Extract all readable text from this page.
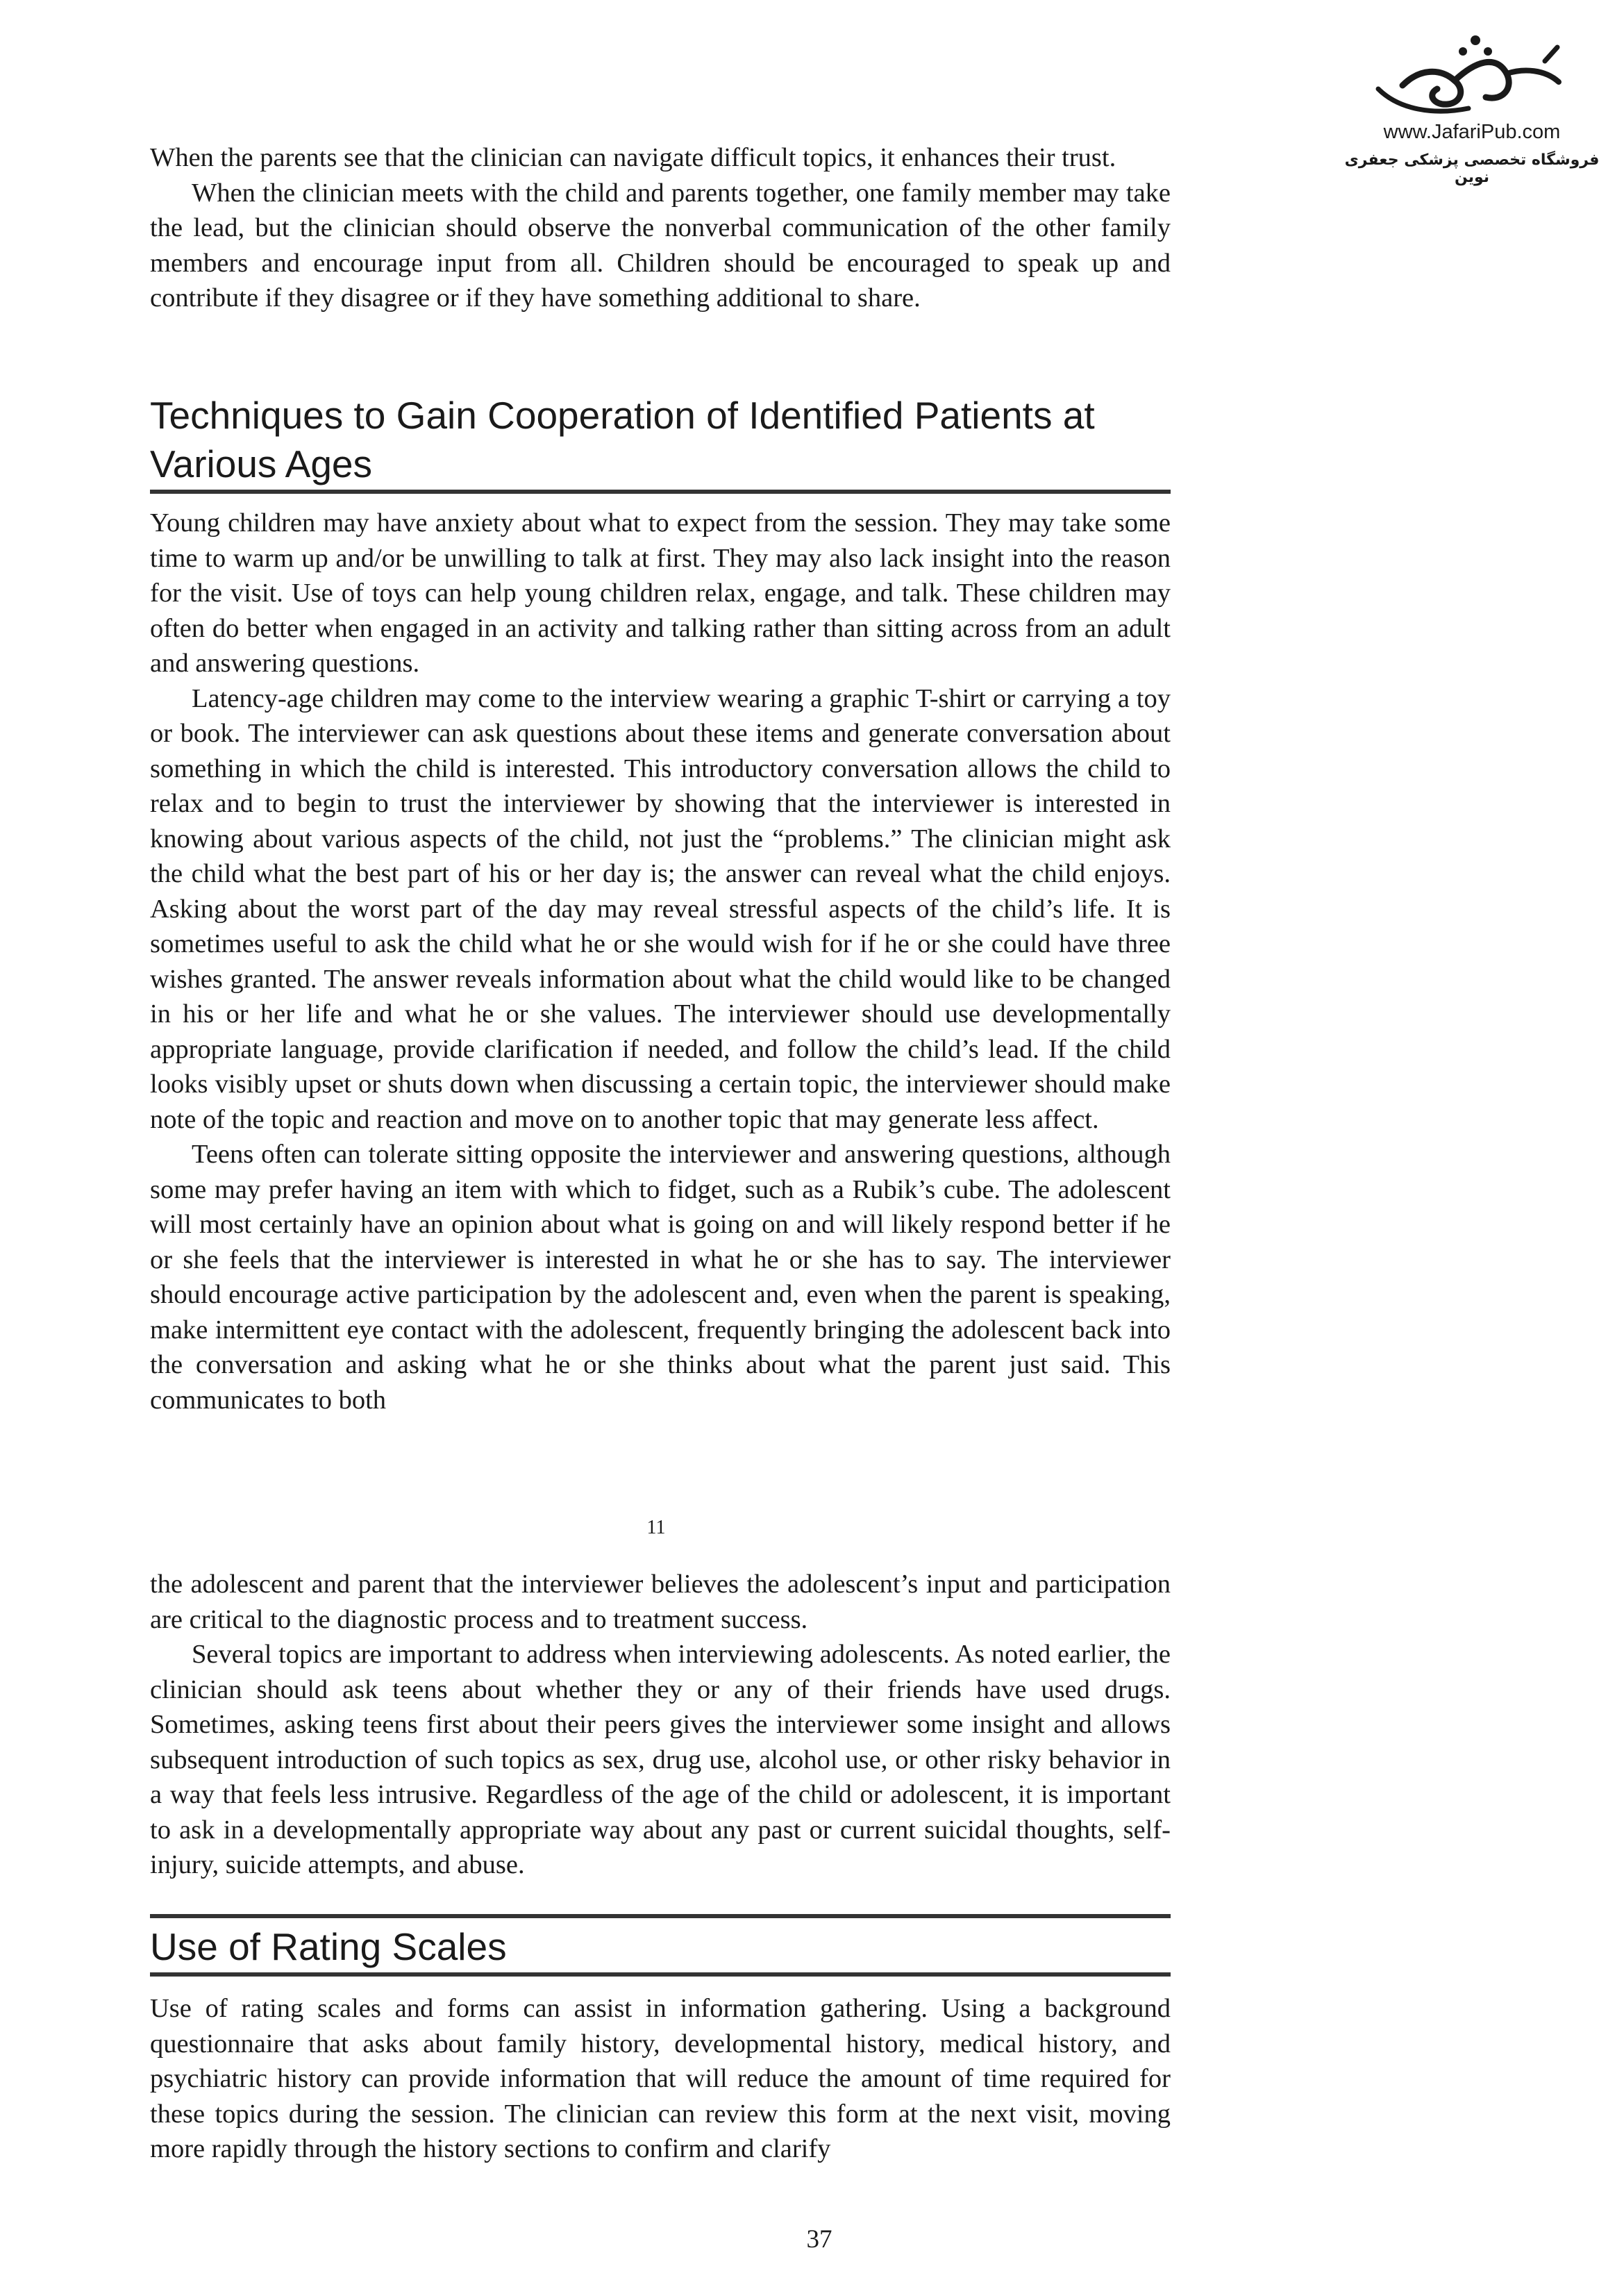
www.JafariPub.com
فروشگاه تخصصی پزشکی جعفری نوین

When the parents see that the clinician can navigate difficult topics, it enhances their trust.

When the clinician meets with the child and parents together, one family member may take the lead, but the clinician should observe the nonverbal communication of the other family members and encourage input from all. Children should be encouraged to speak up and contribute if they disagree or if they have something additional to share.

Techniques to Gain Cooperation of Identified Patients at Various Ages

Young children may have anxiety about what to expect from the session. They may take some time to warm up and/or be unwilling to talk at first. They may also lack insight into the reason for the visit. Use of toys can help young children relax, engage, and talk. These children may often do better when engaged in an activity and talking rather than sitting across from an adult and answering questions.

Latency-age children may come to the interview wearing a graphic T-shirt or carrying a toy or book. The interviewer can ask questions about these items and generate conversation about something in which the child is interested. This introductory conversation allows the child to relax and to begin to trust the interviewer by showing that the interviewer is interested in knowing about various aspects of the child, not just the “problems.” The clinician might ask the child what the best part of his or her day is; the answer can reveal what the child enjoys. Asking about the worst part of the day may reveal stressful aspects of the child’s life. It is sometimes useful to ask the child what he or she would wish for if he or she could have three wishes granted. The answer reveals information about what the child would like to be changed in his or her life and what he or she values. The interviewer should use developmentally appropriate language, provide clarification if needed, and follow the child’s lead. If the child looks visibly upset or shuts down when discussing a certain topic, the interviewer should make note of the topic and reaction and move on to another topic that may generate less affect.

Teens often can tolerate sitting opposite the interviewer and answering questions, although some may prefer having an item with which to fidget, such as a Rubik’s cube. The adolescent will most certainly have an opinion about what is going on and will likely respond better if he or she feels that the interviewer is interested in what he or she has to say. The interviewer should encourage active participation by the adolescent and, even when the parent is speaking, make intermittent eye contact with the adolescent, frequently bringing the adolescent back into the conversation and asking what he or she thinks about what the parent just said. This communicates to both

11

the adolescent and parent that the interviewer believes the adolescent’s input and participation are critical to the diagnostic process and to treatment success.

Several topics are important to address when interviewing adolescents. As noted earlier, the clinician should ask teens about whether they or any of their friends have used drugs. Sometimes, asking teens first about their peers gives the interviewer some insight and allows subsequent introduction of such topics as sex, drug use, alcohol use, or other risky behavior in a way that feels less intrusive. Regardless of the age of the child or adolescent, it is important to ask in a developmentally appropriate way about any past or current suicidal thoughts, self-injury, suicide attempts, and abuse.

Use of Rating Scales

Use of rating scales and forms can assist in information gathering. Using a background questionnaire that asks about family history, developmental history, medical history, and psychiatric history can provide information that will reduce the amount of time required for these topics during the session. The clinician can review this form at the next visit, moving more rapidly through the history sections to confirm and clarify

37
